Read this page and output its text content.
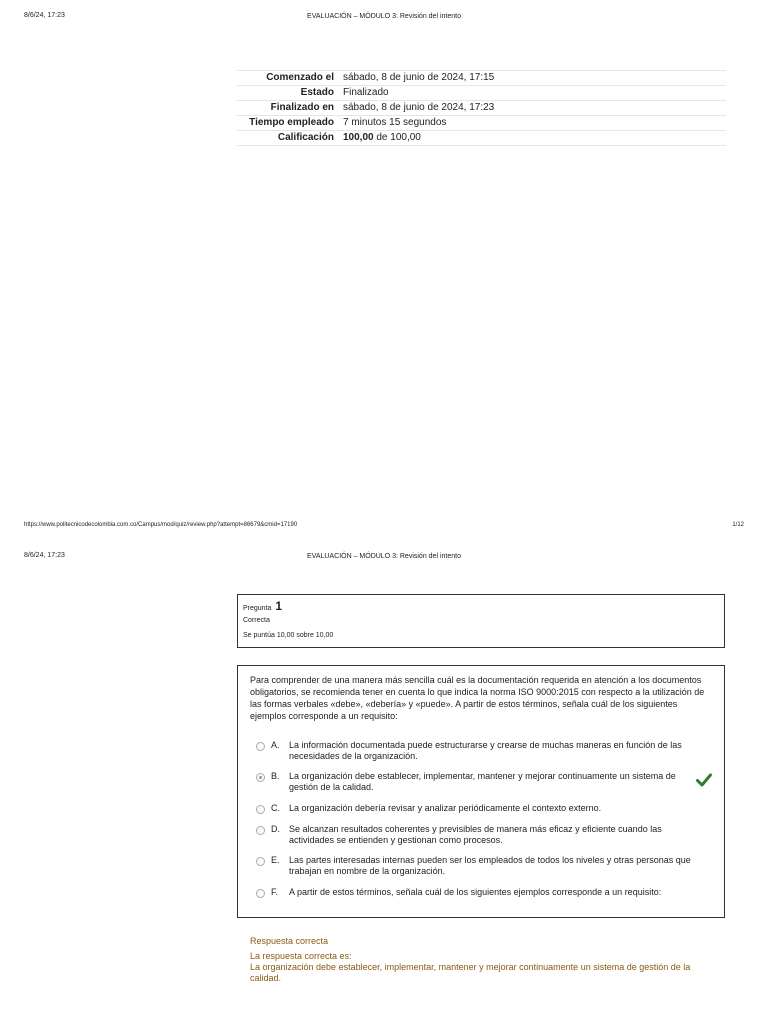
8/6/24, 17:23	EVALUACIÓN – MÓDULO 3: Revisión del intento
Comenzado el	sábado, 8 de junio de 2024, 17:15
Estado	Finalizado
Finalizado en	sábado, 8 de junio de 2024, 17:23
Tiempo empleado	7 minutos 15 segundos
Calificación	100,00 de 100,00
https://www.politecnicodecolombia.com.co/Campus/mod/quiz/review.php?attempt=86679&cmid=17190	1/12
8/6/24, 17:23	EVALUACIÓN – MÓDULO 3: Revisión del intento
Pregunta 1
Correcta
Se puntúa 10,00 sobre 10,00
Para comprender de una manera más sencilla cuál es la documentación requerida en atención a los documentos obligatorios, se recomienda tener en cuenta lo que indica la norma ISO 9000:2015 con respecto a la utilización de las formas verbales «debe», «debería» y «puede». A partir de estos términos, señala cuál de los siguientes ejemplos corresponde a un requisito:
A. La información documentada puede estructurarse y crearse de muchas maneras en función de las necesidades de la organización.
B. La organización debe establecer, implementar, mantener y mejorar continuamente un sistema de gestión de la calidad.
C. La organización debería revisar y analizar periódicamente el contexto externo.
D. Se alcanzan resultados coherentes y previsibles de manera más eficaz y eficiente cuando las actividades se entienden y gestionan como procesos.
E. Las partes interesadas internas pueden ser los empleados de todos los niveles y otras personas que trabajan en nombre de la organización.
F. A partir de estos términos, señala cuál de los siguientes ejemplos corresponde a un requisito:
Respuesta correcta
La respuesta correcta es:
La organización debe establecer, implementar, mantener y mejorar continuamente un sistema de gestión de la calidad.
